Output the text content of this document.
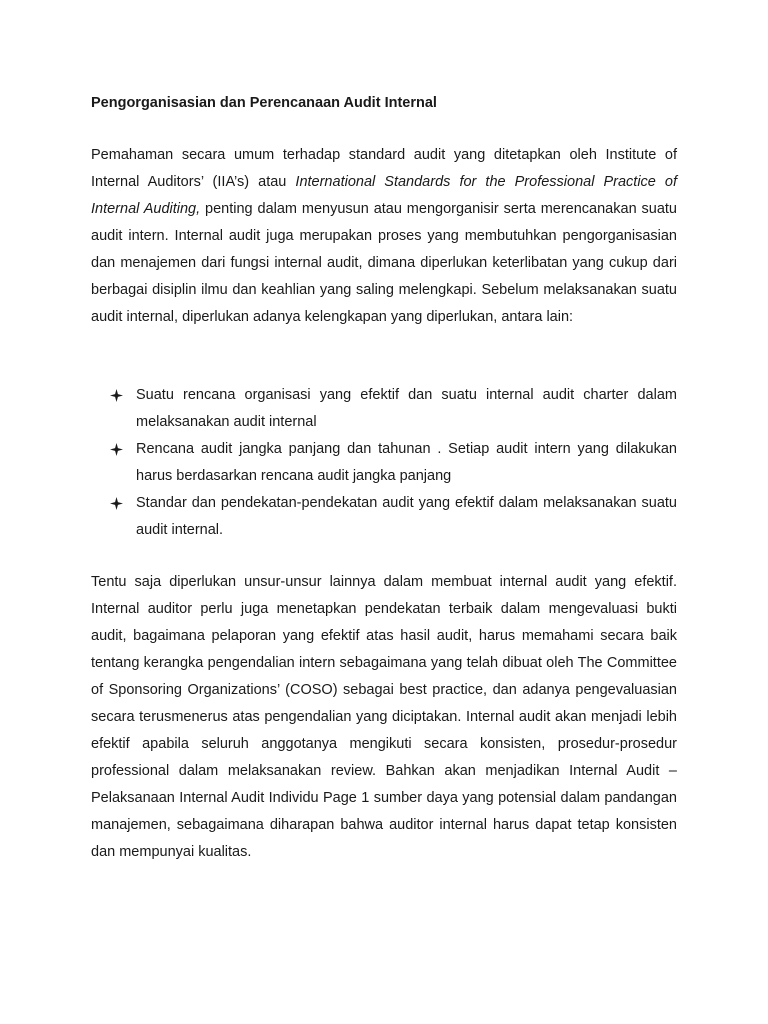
Pengorganisasian dan Perencanaan Audit Internal

Pemahaman secara umum terhadap standard audit yang ditetapkan oleh Institute of Internal Auditors’ (IIA’s) atau International Standards for the Professional Practice of Internal Auditing, penting dalam menyusun atau mengorganisir serta merencanakan suatu audit intern. Internal audit juga merupakan proses yang membutuhkan pengorganisasian dan menajemen dari fungsi internal audit, dimana diperlukan keterlibatan yang cukup dari berbagai disiplin ilmu dan keahlian yang saling melengkapi. Sebelum melaksanakan suatu audit internal, diperlukan adanya kelengkapan yang diperlukan, antara lain:

Suatu rencana organisasi yang efektif dan suatu internal audit charter dalam melaksanakan audit internal
Rencana audit jangka panjang dan tahunan . Setiap audit intern yang dilakukan harus berdasarkan rencana audit jangka panjang
Standar dan pendekatan-pendekatan audit yang efektif dalam melaksanakan suatu audit internal.

Tentu saja diperlukan unsur-unsur lainnya dalam membuat internal audit yang efektif. Internal auditor perlu juga menetapkan pendekatan terbaik dalam mengevaluasi bukti audit, bagaimana pelaporan yang efektif atas hasil audit, harus memahami secara baik tentang kerangka pengendalian intern sebagaimana yang telah dibuat oleh The Committee of Sponsoring Organizations’ (COSO) sebagai best practice, dan adanya pengevaluasian secara terusmenerus atas pengendalian yang diciptakan. Internal audit akan menjadi lebih efektif apabila seluruh anggotanya mengikuti secara konsisten, prosedur-prosedur professional dalam melaksanakan review. Bahkan akan menjadikan Internal Audit – Pelaksanaan Internal Audit Individu Page 1 sumber daya yang potensial dalam pandangan manajemen, sebagaimana diharapan bahwa auditor internal harus dapat tetap konsisten dan mempunyai kualitas.
